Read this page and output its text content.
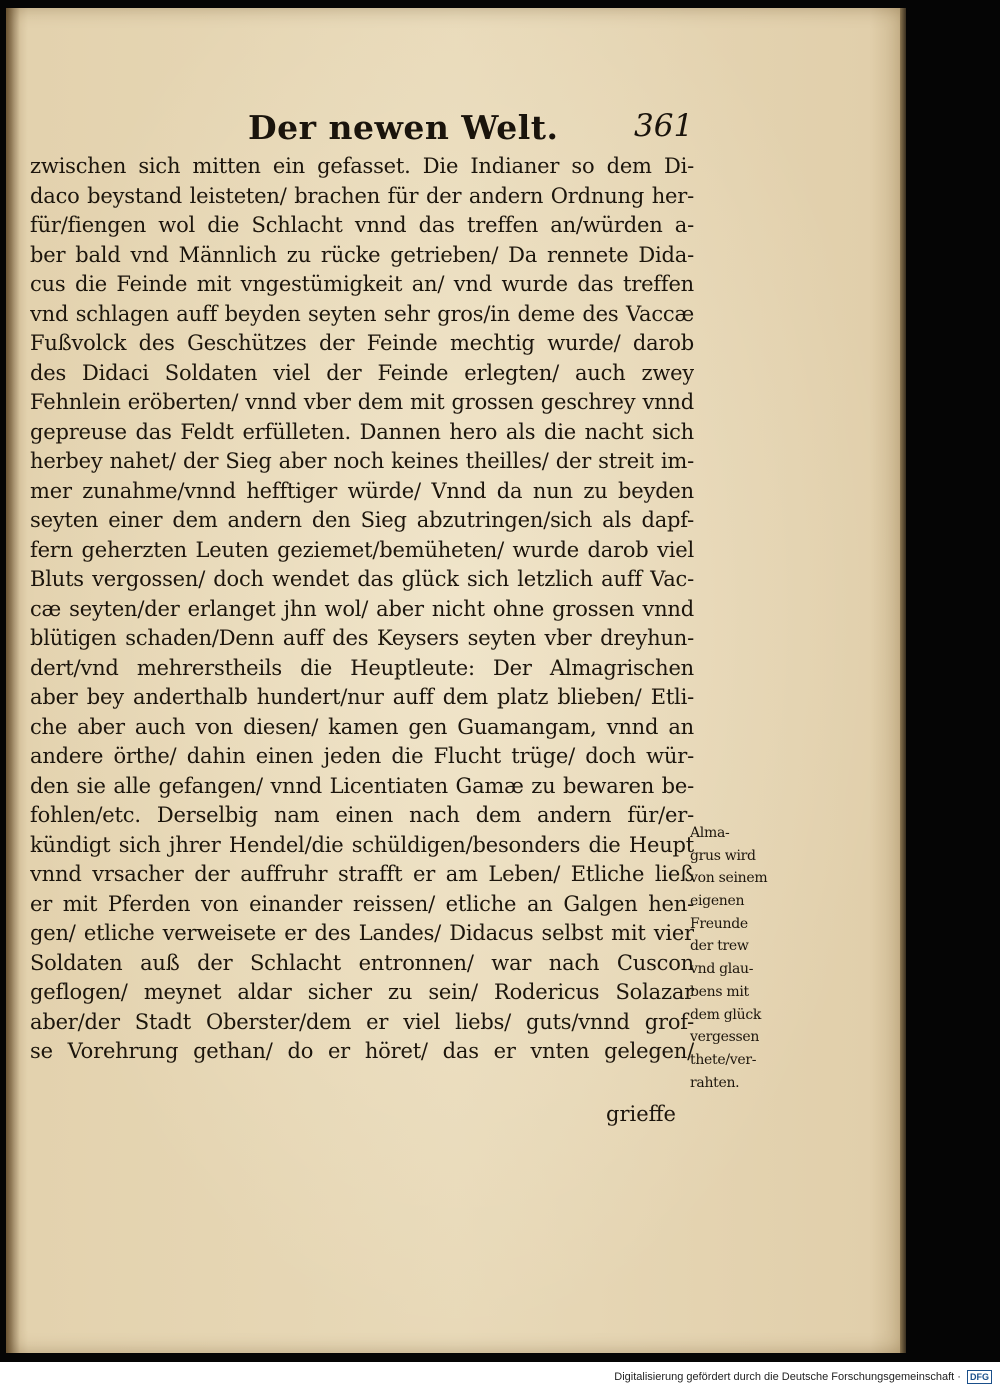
Der newen Welt. 361
zwischen sich mitten ein gefasset. Die Indianer so dem Di-
daco beystand leisteten/ brachen für der andern Ordnung her-
für/fiengen wol die Schlacht vnnd das treffen an/würden a-
ber bald vnd Männlich zu rücke getrieben/ Da rennete Dida-
cus die Feinde mit vngestümigkeit an/ vnd wurde das treffen
vnd schlagen auff beyden seyten sehr gros/in deme des Vaccæ
Fußvolck des Geschützes der Feinde mechtig wurde/ darob
des Didaci Soldaten viel der Feinde erlegten/ auch zwey
Fehnlein eröberten/ vnnd vber dem mit grossen geschrey vnnd
gepreuse das Feldt erfülleten. Dannen hero als die nacht sich
herbey nahet/ der Sieg aber noch keines theilles/ der streit im-
mer zunahme/vnnd hefftiger würde/ Vnnd da nun zu beyden
seyten einer dem andern den Sieg abzutringen/sich als dapf-
fern geherzten Leuten geziemet/bemüheten/ wurde darob viel
Bluts vergossen/ doch wendet das glück sich letzlich auff Vac-
cæ seyten/der erlanget jhn wol/ aber nicht ohne grossen vnnd
blütigen schaden/Denn auff des Keysers seyten vber dreyhun-
dert/vnd mehrerstheils die Heuptleute: Der Almagrischen
aber bey anderthalb hundert/nur auff dem platz blieben/ Etli-
che aber auch von diesen/ kamen gen Guamangam, vnnd an
andere örthe/ dahin einen jeden die Flucht trüge/ doch wür-
den sie alle gefangen/ vnnd Licentiaten Gamæ zu bewaren be-
fohlen/etc. Derselbig nam einen nach dem andern für/er-
kündigt sich jhrer Hendel/die schüldigen/besonders die Heupt
vnnd vrsacher der auffruhr strafft er am Leben/ Etliche ließ
er mit Pferden von einander reissen/ etliche an Galgen hen-
gen/ etliche verweisete er des Landes/ Didacus selbst mit vier
Soldaten auß der Schlacht entronnen/ war nach Cuscon
geflogen/ meynet aldar sicher zu sein/ Rodericus Solazar
aber/der Stadt Oberster/dem er viel liebs/ guts/vnnd grof-
se Vorehrung gethan/ do er höret/ das er vnten gelegen/
Alma-
grus wird
von seinem
eigenen
Freunde
der trew
vnd glau-
bens mit
dem glück
vergessen
thete/ver-
rahten.
grieffe
Digitalisierung gefördert durch die Deutsche Forschungsgemeinschaft · DFG
